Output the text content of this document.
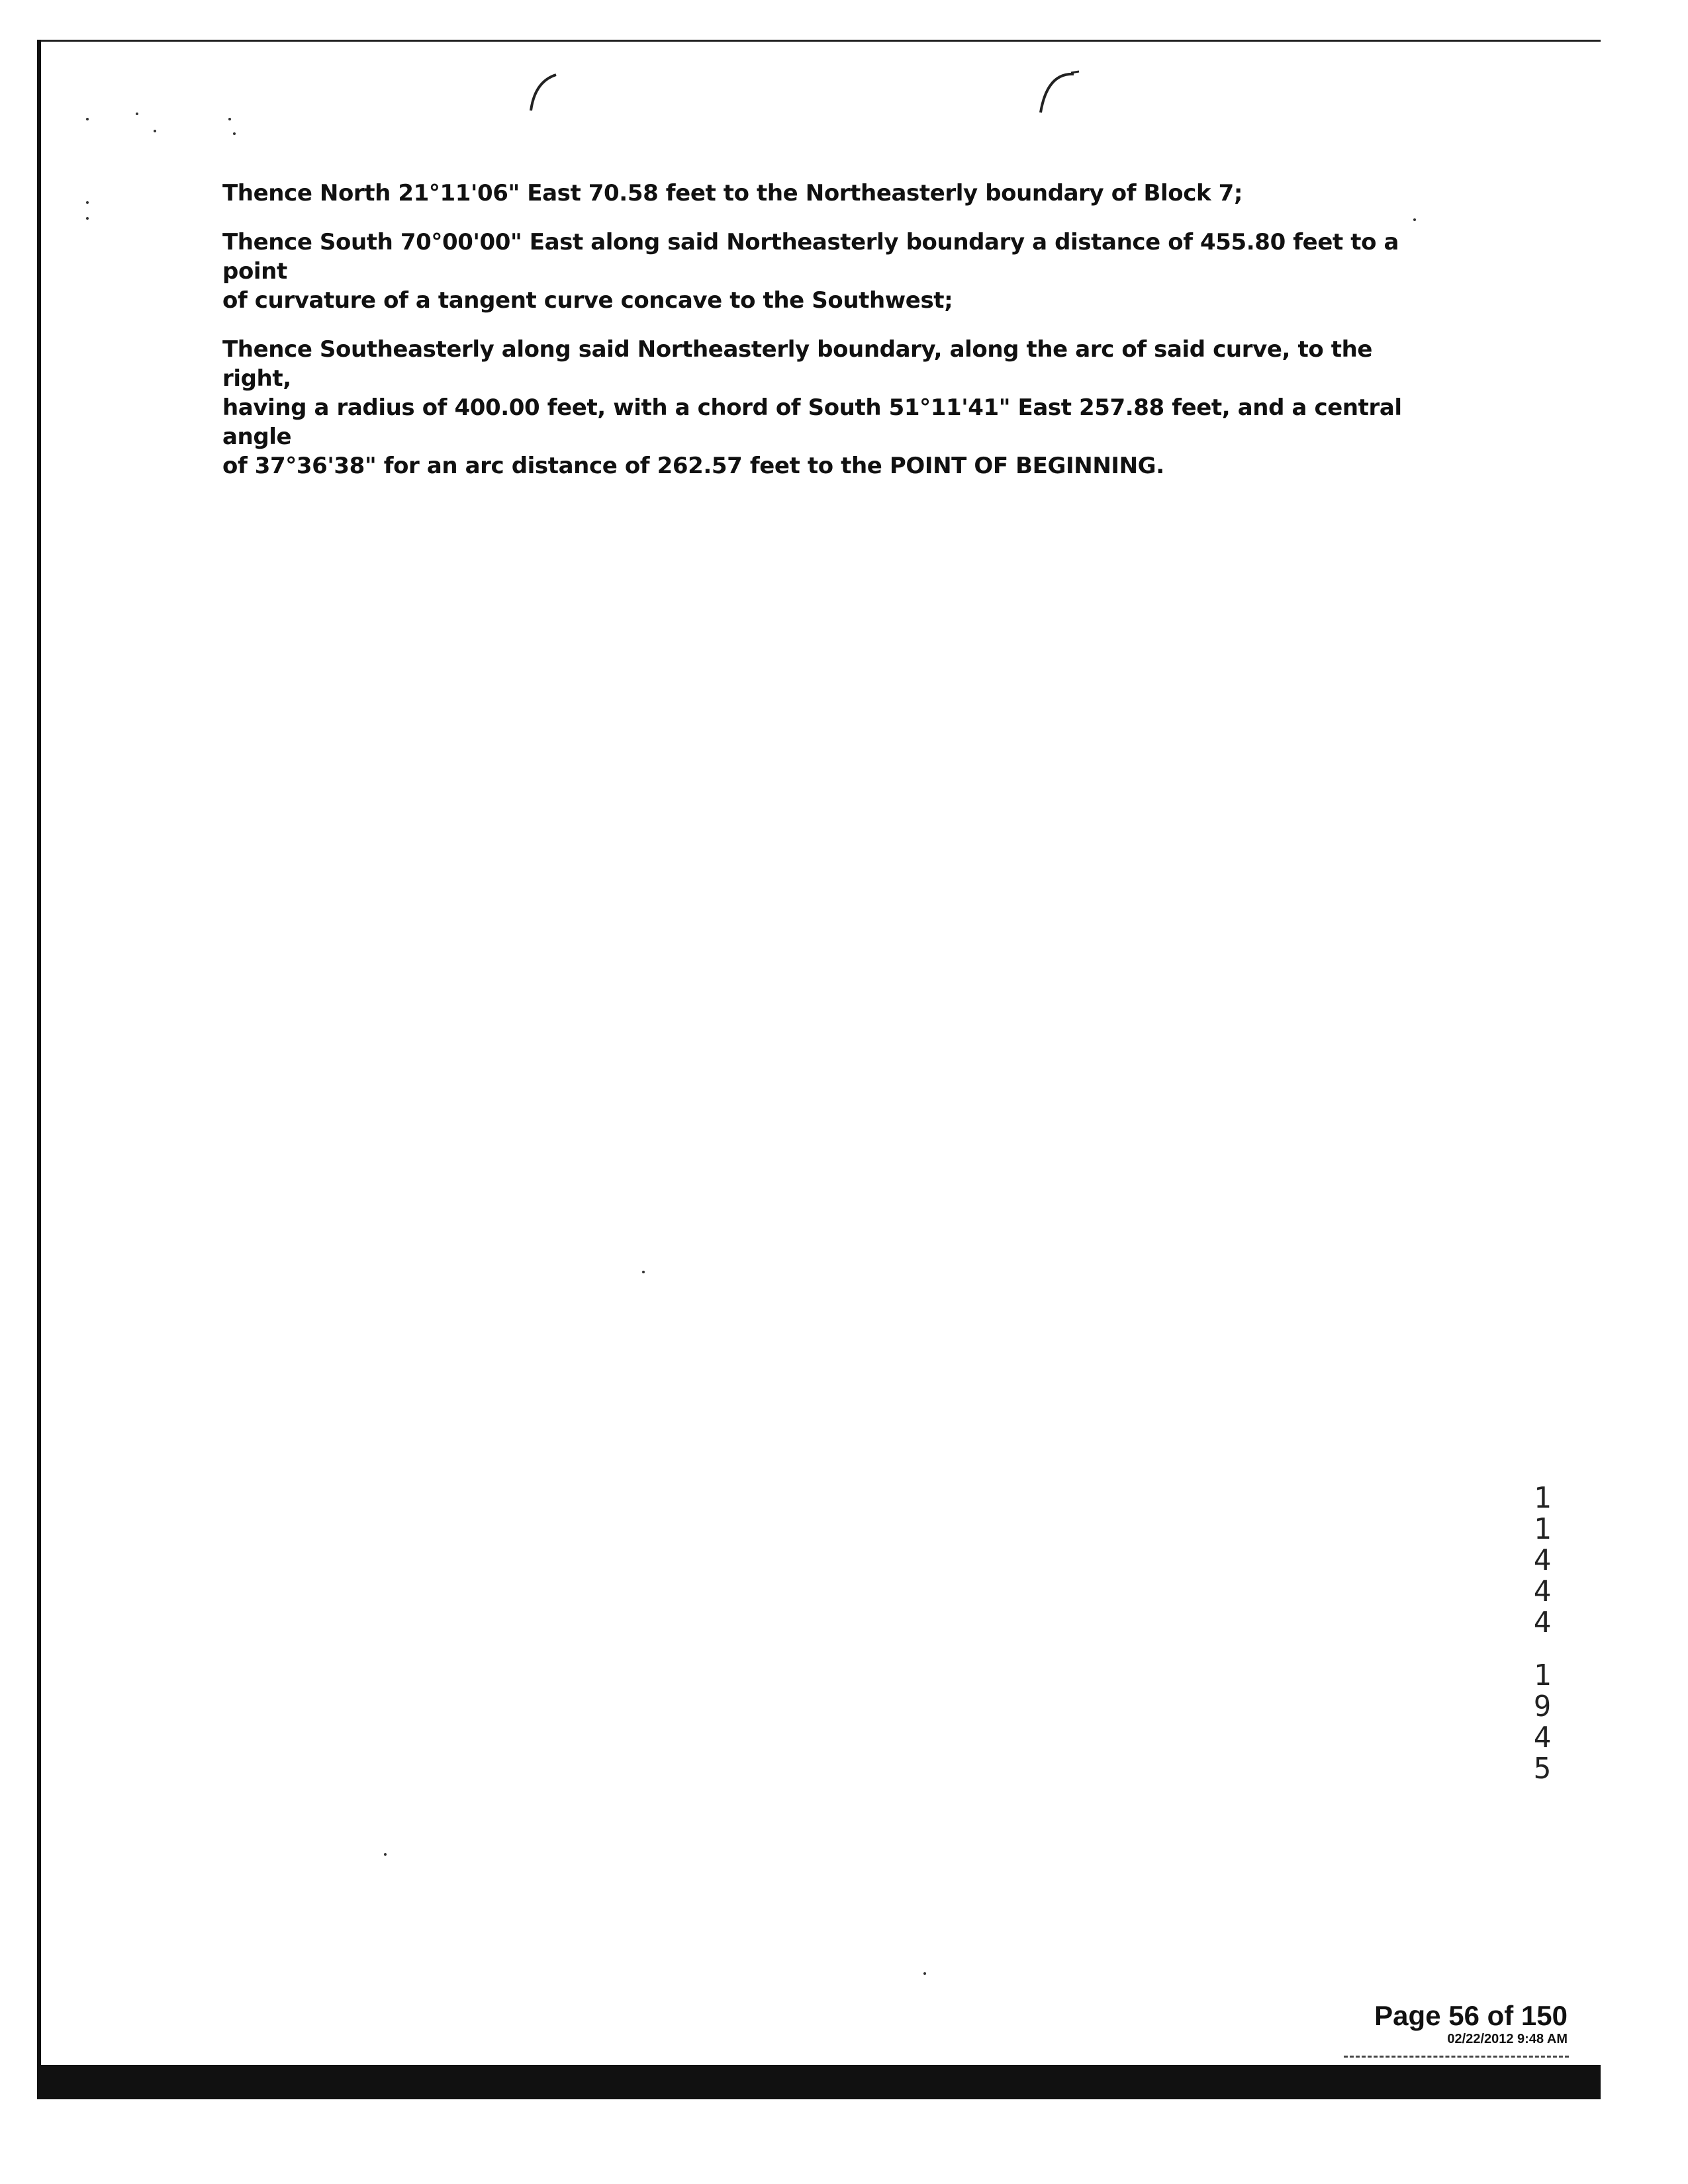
Thence North 21°11'06" East 70.58 feet to the Northeasterly boundary of Block 7;

Thence South 70°00'00" East along said Northeasterly boundary a distance of 455.80 feet to a point
of curvature of a tangent curve concave to the Southwest;

Thence Southeasterly along said Northeasterly boundary, along the arc of said curve, to the right,
having a radius of 400.00 feet, with a chord of South 51°11'41" East 257.88 feet, and a central angle
of 37°36'38" for an arc distance of 262.57 feet to the POINT OF BEGINNING.

1
1
4
4
4
1
9
4
5
Page 56 of 150
02/22/2012 9:48 AM
